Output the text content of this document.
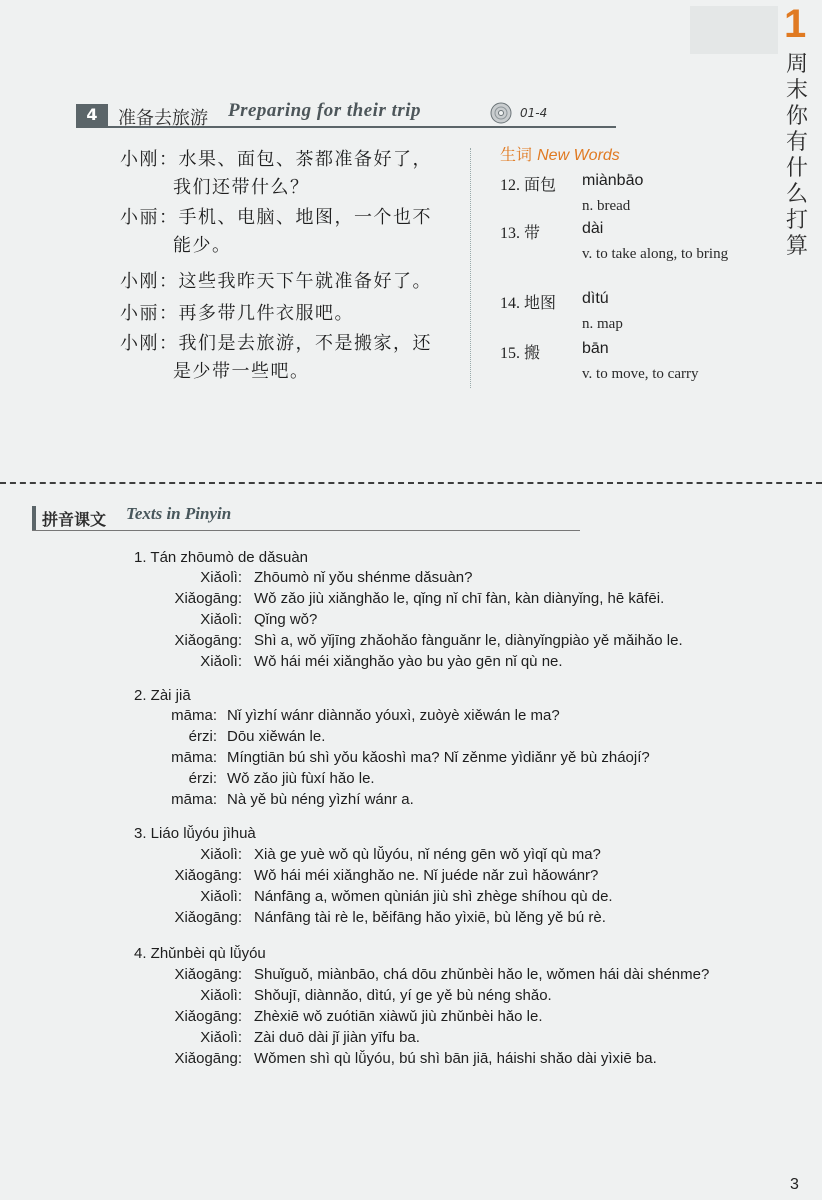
1
周末你有什么打算
4	准备去旅游 Preparing for their trip	01-4
小刚：水果、面包、茶都准备好了，
我们还带什么？
小丽：手机、电脑、地图，一个也不
能少。
小刚：这些我昨天下午就准备好了。
小丽：再多带几件衣服吧。
小刚：我们是去旅游，不是搬家，还
是少带一些吧。
生词 New Words
12. 面包 miànbāo
n. bread
13. 带	dài
v. to take along, to bring
14. 地图 dìtú
n. map
15. 搬	bān
v. to move, to carry
拼音课文 Texts in Pinyin
1. Tán zhōumò de dǎsuàn
Xiǎolì: Zhōumò nǐ yǒu shénme dǎsuàn?
Xiǎogāng: Wǒ zǎo jiù xiǎnghǎo le, qǐng nǐ chī fàn, kàn diànyǐng, hē kāfēi.
Xiǎolì: Qǐng wǒ?
Xiǎogāng: Shì a, wǒ yǐjīng zhǎohǎo fànguǎnr le, diànyǐngpiào yě mǎihǎo le.
Xiǎolì: Wǒ hái méi xiǎnghǎo yào bu yào gēn nǐ qù ne.
2. Zài jiā
māma: Nǐ yìzhí wánr diànnǎo yóuxì, zuòyè xiěwán le ma?
érzi: Dōu xiěwán le.
māma: Míngtiān bú shì yǒu kǎoshì ma? Nǐ zěnme yìdiǎnr yě bù zháojí?
érzi: Wǒ zǎo jiù fùxí hǎo le.
māma: Nà yě bù néng yìzhí wánr a.
3. Liáo lǚyóu jìhuà
Xiǎolì: Xià ge yuè wǒ qù lǚyóu, nǐ néng gēn wǒ yìqǐ qù ma?
Xiǎogāng: Wǒ hái méi xiǎnghǎo ne. Nǐ juéde nǎr zuì hǎowánr?
Xiǎolì: Nánfāng a, wǒmen qùnián jiù shì zhège shíhou qù de.
Xiǎogāng: Nánfāng tài rè le, běifāng hǎo yìxiē, bù lěng yě bú rè.
4. Zhǔnbèi qù lǚyóu
Xiǎogāng: Shuǐguǒ, miànbāo, chá dōu zhǔnbèi hǎo le, wǒmen hái dài shénme?
Xiǎolì: Shǒujī, diànnǎo, dìtú, yí ge yě bù néng shǎo.
Xiǎogāng: Zhèxiē wǒ zuótiān xiàwǔ jiù zhǔnbèi hǎo le.
Xiǎolì: Zài duō dài jǐ jiàn yīfu ba.
Xiǎogāng: Wǒmen shì qù lǚyóu, bú shì bān jiā, háishi shǎo dài yìxiē ba.
3
